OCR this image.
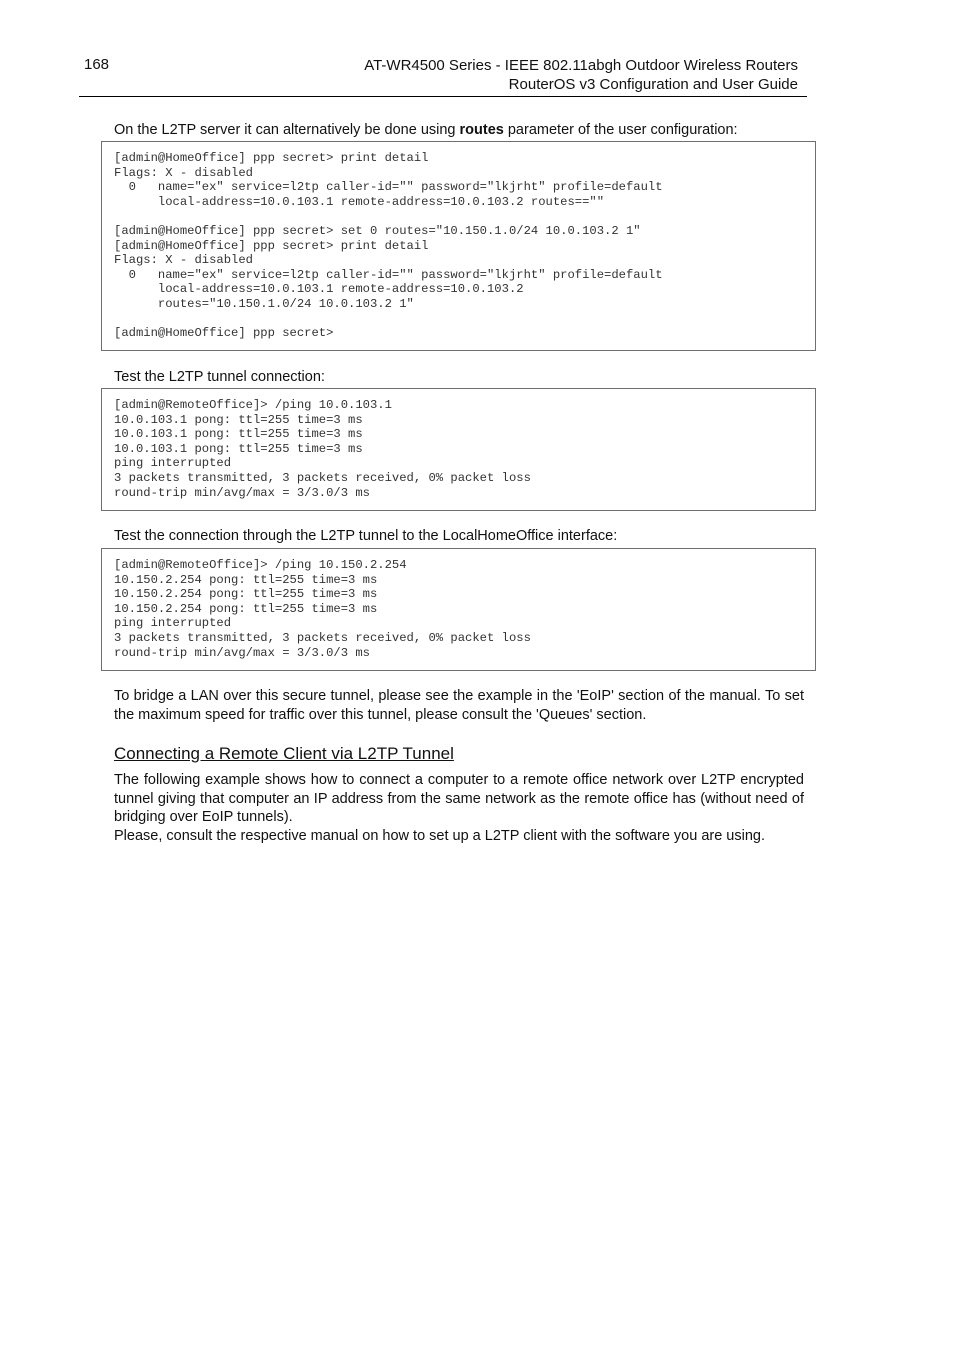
168	AT-WR4500 Series - IEEE 802.11abgh Outdoor Wireless Routers
RouterOS v3 Configuration and User Guide
On the L2TP server it can alternatively be done using routes parameter of the user configuration:
[admin@HomeOffice] ppp secret> print detail
Flags: X - disabled
0   name="ex" service=l2tp caller-id="" password="lkjrht" profile=default
local-address=10.0.103.1 remote-address=10.0.103.2 routes==""

[admin@HomeOffice] ppp secret> set 0 routes="10.150.1.0/24 10.0.103.2 1"
[admin@HomeOffice] ppp secret> print detail
Flags: X - disabled
0   name="ex" service=l2tp caller-id="" password="lkjrht" profile=default
local-address=10.0.103.1 remote-address=10.0.103.2
routes="10.150.1.0/24 10.0.103.2 1"

[admin@HomeOffice] ppp secret>
Test the L2TP tunnel connection:
[admin@RemoteOffice]> /ping 10.0.103.1
10.0.103.1 pong: ttl=255 time=3 ms
10.0.103.1 pong: ttl=255 time=3 ms
10.0.103.1 pong: ttl=255 time=3 ms
ping interrupted
3 packets transmitted, 3 packets received, 0% packet loss
round-trip min/avg/max = 3/3.0/3 ms
Test the connection through the L2TP tunnel to the LocalHomeOffice interface:
[admin@RemoteOffice]> /ping 10.150.2.254
10.150.2.254 pong: ttl=255 time=3 ms
10.150.2.254 pong: ttl=255 time=3 ms
10.150.2.254 pong: ttl=255 time=3 ms
ping interrupted
3 packets transmitted, 3 packets received, 0% packet loss
round-trip min/avg/max = 3/3.0/3 ms
To bridge a LAN over this secure tunnel, please see the example in the 'EoIP' section of the manual. To set the maximum speed for traffic over this tunnel, please consult the 'Queues' section.
Connecting a Remote Client via L2TP Tunnel
The following example shows how to connect a computer to a remote office network over L2TP encrypted tunnel giving that computer an IP address from the same network as the remote office has (without need of bridging over EoIP tunnels).
Please, consult the respective manual on how to set up a L2TP client with the software you are using.
